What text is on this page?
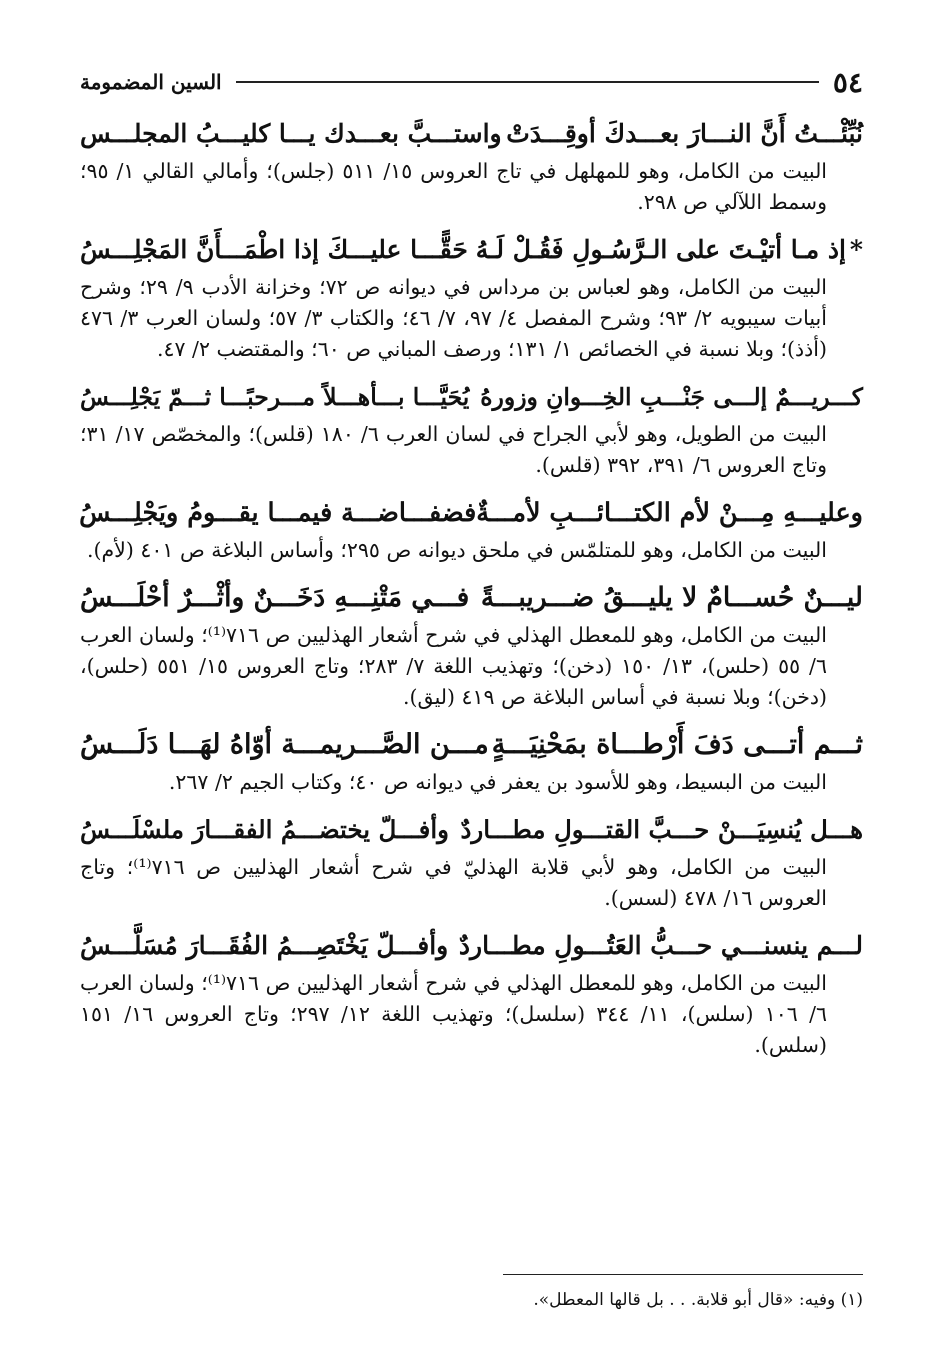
٥٤
السين المضمومة
نُبِّئْـــتُ أَنَّ النـــارَ بعـــدكَ أوقِـــدَتْ
واستـــبَّ بعـــدك يـــا كليـــبُ المجلـــس
البيت من الكامل، وهو للمهلهل في تاج العروس ١٥/ ٥١١ (جلس)؛ وأمالي القالي ١/ ٩٥؛ وسمط اللآلي ص ٢٩٨.
*إذ مـا أتيْـتَ على الـرَّسُـولِ فَقُـلْ لَـهُ
حَقًّـــا عليـــكَ إذا اطْمَـــأَنَّ المَجْلِـــسُ
البيت من الكامل، وهو لعباس بن مرداس في ديوانه ص ٧٢؛ وخزانة الأدب ٩/ ٢٩؛ وشرح أبيات سيبويه ٢/ ٩٣؛ وشرح المفصل ٤/ ٩٧، ٧/ ٤٦؛ والكتاب ٣/ ٥٧؛ ولسان العرب ٣/ ٤٧٦ (أذذ)؛ وبلا نسبة في الخصائص ١/ ١٣١؛ ورصف المباني ص ٦٠؛ والمقتضب ٢/ ٤٧.
كـــريـــمٌ إلـــى جَنْـــبِ الخِـــوانِ وزورهُ
يُحَيَّـــا بـــأهـــلاً مـــرحبًـــا ثـــمّ يَجْلِـــسُ
البيت من الطويل، وهو لأبي الجراح في لسان العرب ٦/ ١٨٠ (قلس)؛ والمخصّص ١٧/ ٣١؛ وتاج العروس ٦/ ٣٩١، ٣٩٢ (قلس).
وعليـــهِ مِـــنْ لأم الكتـــائـــبِ لأمـــةٌ
فضفـــاضـــة فيمـــا يقـــومُ ويَجْلِـــسُ
البيت من الكامل، وهو للمتلمّس في ملحق ديوانه ص ٢٩٥؛ وأساس البلاغة ص ٤٠١ (لأم).
ليـــنٌ حُســـامٌ لا يليـــقُ ضـــريبـــةً
فـــي مَتْنِـــهِ دَخَـــنٌ وأثْـــرٌ أحْلَـــسُ
البيت من الكامل، وهو للمعطل الهذلي في شرح أشعار الهذليين ص ٧١٦⁽¹⁾؛ ولسان العرب ٦/ ٥٥ (حلس)، ١٣/ ١٥٠ (دخن)؛ وتهذيب اللغة ٧/ ٢٨٣؛ وتاج العروس ١٥/ ٥٥١ (حلس)، (دخن)؛ وبلا نسبة في أساس البلاغة ص ٤١٩ (ليق).
ثـــم أتـــى دَفَ أَرْطـــاة بمَحْنِيَـــةٍ
مـــن الصَّـــريمـــة أوّاهُ لهَـــا دَلَـــسُ
البيت من البسيط، وهو للأسود بن يعفر في ديوانه ص ٤٠؛ وكتاب الجيم ٢/ ٢٦٧.
هـــل يُنسِيَـــنْ حـــبَّ القتـــولِ مطـــاردٌ
وأفـــلّ يختضـــمُ الفقـــارَ ملسْلَـــسُ
البيت من الكامل، وهو لأبي قلابة الهذليّ في شرح أشعار الهذليين ص ٧١٦⁽¹⁾؛ وتاج العروس ١٦/ ٤٧٨ (لسس).
لـــم ينسنـــي حـــبُّ العَتُـــولِ مطـــاردٌ
وأفـــلّ يَخْتَصِـــمُ الفُقَـــارَ مُسَلَّـــسُ
البيت من الكامل، وهو للمعطل الهذلي في شرح أشعار الهذليين ص ٧١٦⁽¹⁾؛ ولسان العرب ٦/ ١٠٦ (سلس)، ١١/ ٣٤٤ (سلسل)؛ وتهذيب اللغة ١٢/ ٢٩٧؛ وتاج العروس ١٦/ ١٥١ (سلس).
(١) وفيه: «قال أبو قلابة. . . بل قالها المعطل».
